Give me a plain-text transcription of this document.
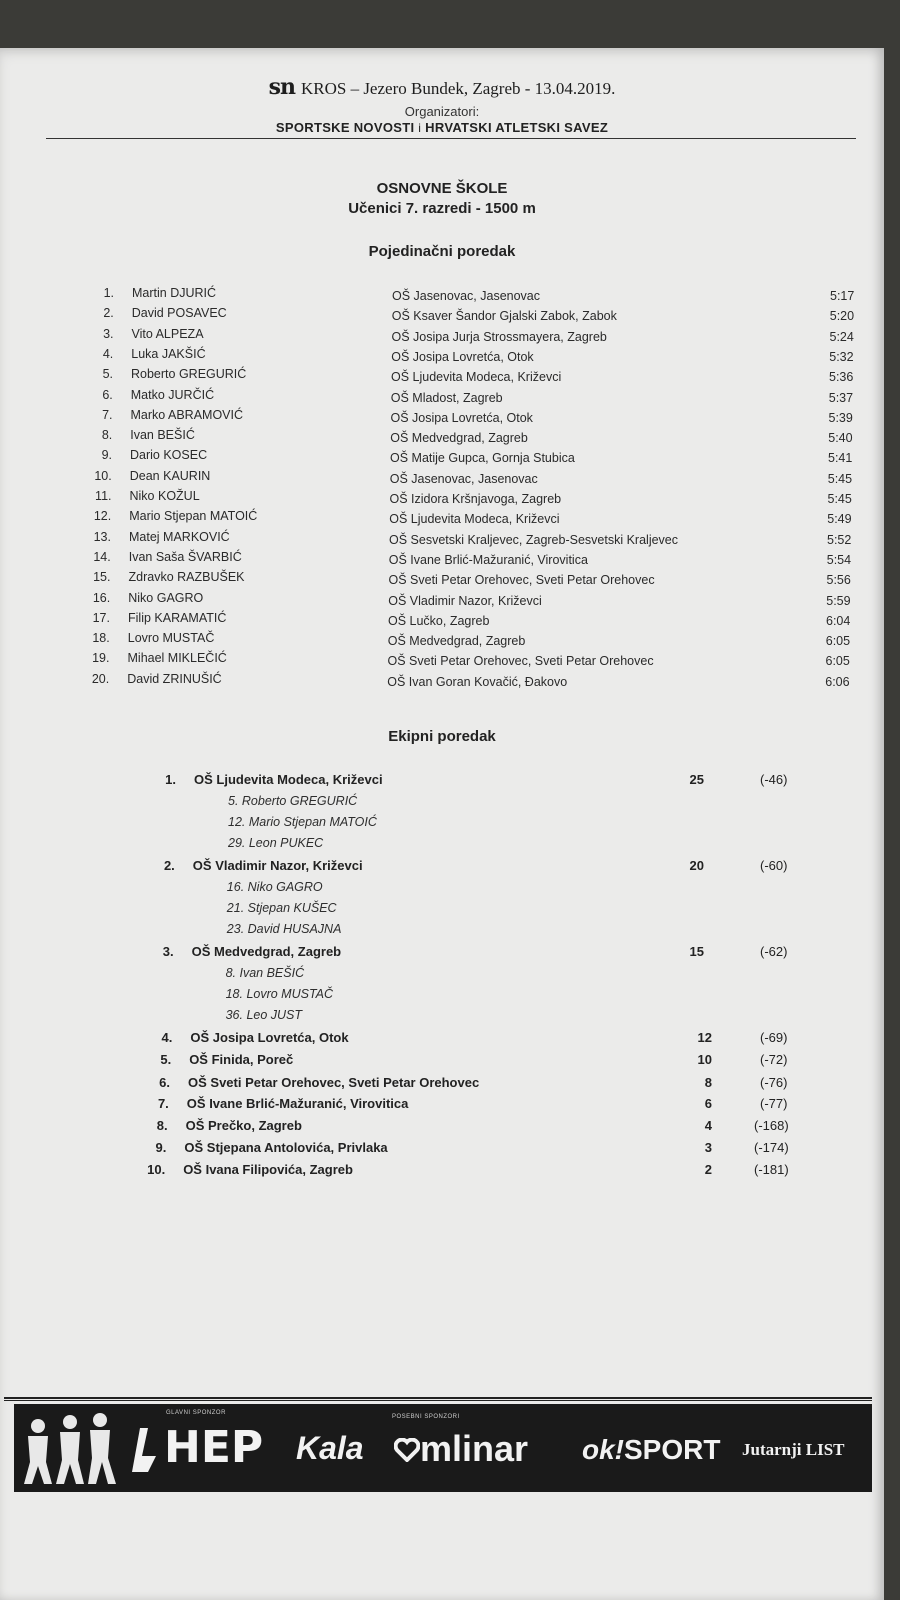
sn KROS – Jezero Bundek, Zagreb - 13.04.2019.
Organizatori:
SPORTSKE NOVOSTI i HRVATSKI ATLETSKI SAVEZ
OSNOVNE ŠKOLE
Učenici 7. razredi - 1500 m
Pojedinačni poredak
1. Martin DJURIĆ	OŠ Jasenovac, Jasenovac	5:17
2. David POSAVEC	OŠ Ksaver Šandor Gjalski Zabok, Zabok	5:20
3. Vito ALPEZA	OŠ Josipa Jurja Strossmayera, Zagreb	5:24
4. Luka JAKŠIĆ	OŠ Josipa Lovretća, Otok	5:32
5. Roberto GREGURIĆ	OŠ Ljudevita Modeca, Križevci	5:36
6. Matko JURČIĆ	OŠ Mladost, Zagreb	5:37
7. Marko ABRAMOVIĆ	OŠ Josipa Lovretća, Otok	5:39
8. Ivan BEŠIĆ	OŠ Medvedgrad, Zagreb	5:40
9. Dario KOSEC	OŠ Matije Gupca, Gornja Stubica	5:41
10. Dean KAURIN	OŠ Jasenovac, Jasenovac	5:45
11. Niko KOŽUL	OŠ Izidora Kršnjavoga, Zagreb	5:45
12. Mario Stjepan MATOIĆ	OŠ Ljudevita Modeca, Križevci	5:49
13. Matej MARKOVIĆ	OŠ Sesvetski Kraljevec, Zagreb-Sesvetski Kraljevec	5:52
14. Ivan Saša ŠVARBIĆ	OŠ Ivane Brlić-Mažuranić, Virovitica	5:54
15. Zdravko RAZBUŠEK	OŠ Sveti Petar Orehovec, Sveti Petar Orehovec	5:56
16. Niko GAGRO	OŠ Vladimir Nazor, Križevci	5:59
17. Filip KARAMATIĆ	OŠ Lučko, Zagreb	6:04
18. Lovro MUSTAČ	OŠ Medvedgrad, Zagreb	6:05
19. Mihael MIKLEČIĆ	OŠ Sveti Petar Orehovec, Sveti Petar Orehovec	6:05
20. David ZRINUŠIĆ	OŠ Ivan Goran Kovačić, Đakovo	6:06
Ekipni poredak
1. OŠ Ljudevita Modeca, Križevci	25	(-46)
5. Roberto GREGURIĆ
12. Mario Stjepan MATOIĆ
29. Leon PUKEC
2. OŠ Vladimir Nazor, Križevci	20	(-60)
16. Niko GAGRO
21. Stjepan KUŠEC
23. David HUSAJNA
3. OŠ Medvedgrad, Zagreb	15	(-62)
8. Ivan BEŠIĆ
18. Lovro MUSTAČ
36. Leo JUST
4. OŠ Josipa Lovretća, Otok	12	(-69)
5. OŠ Finida, Poreč	10	(-72)
6. OŠ Sveti Petar Orehovec, Sveti Petar Orehovec	8	(-76)
7. OŠ Ivane Brlić-Mažuranić, Virovitica	6	(-77)
8. OŠ Prečko, Zagreb	4	(-168)
9. OŠ Stjepana Antolovića, Privlaka	3	(-174)
10. OŠ Ivana Filipovića, Zagreb	2	(-181)
GLAVNI SPONZOR
POSEBNI SPONZORI
HEP Kala mlinar ok! SPORT Jutarnji LIST
